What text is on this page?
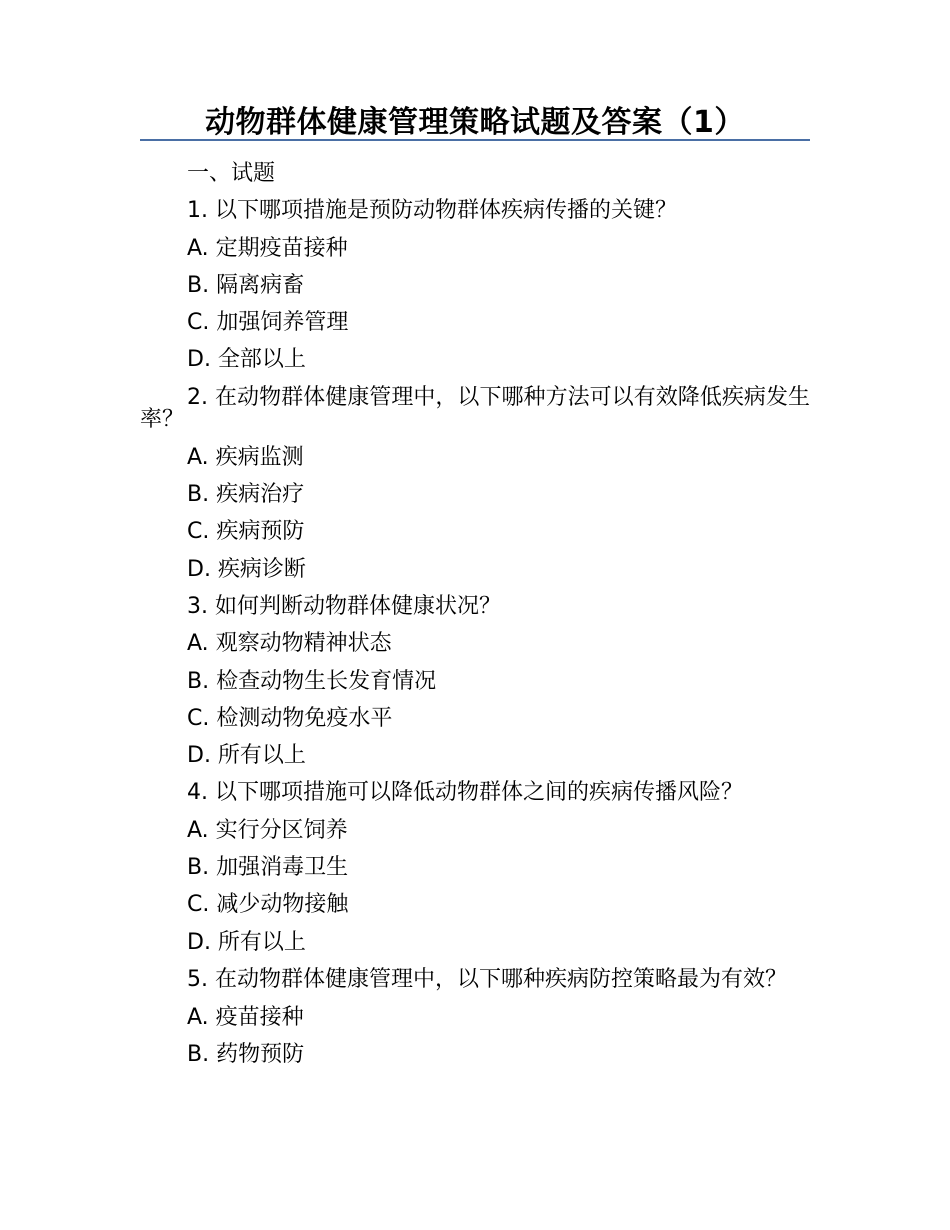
动物群体健康管理策略试题及答案（1）
一、试题
1. 以下哪项措施是预防动物群体疾病传播的关键？
A. 定期疫苗接种
B. 隔离病畜
C. 加强饲养管理
D. 全部以上
2. 在动物群体健康管理中，以下哪种方法可以有效降低疾病发生率？
A. 疾病监测
B. 疾病治疗
C. 疾病预防
D. 疾病诊断
3. 如何判断动物群体健康状况？
A. 观察动物精神状态
B. 检查动物生长发育情况
C. 检测动物免疫水平
D. 所有以上
4. 以下哪项措施可以降低动物群体之间的疾病传播风险？
A. 实行分区饲养
B. 加强消毒卫生
C. 减少动物接触
D. 所有以上
5. 在动物群体健康管理中，以下哪种疾病防控策略最为有效？
A. 疫苗接种
B. 药物预防
